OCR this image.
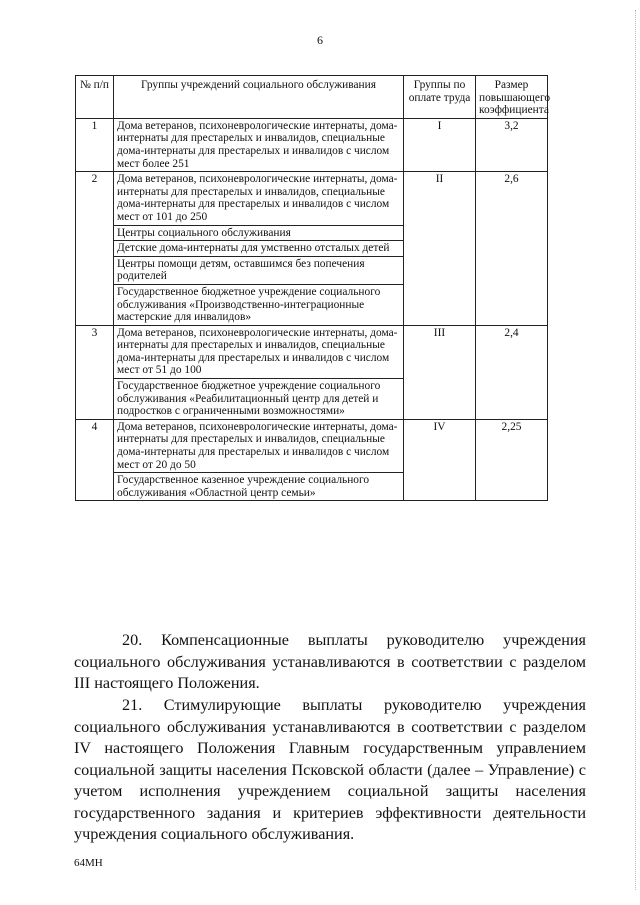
6
№ п/п	Группы учреждений социального обслуживания	Группы по оплате труда	Размер повышающего коэффициента
1	Дома ветеранов, психоневрологические интернаты, дома-интернаты для престарелых и инвалидов, специальные дома-интернаты для престарелых и инвалидов с числом мест более 251	I	3,2
2	Дома ветеранов, психоневрологические интернаты, дома-интернаты для престарелых и инвалидов, специальные дома-интернаты для престарелых и инвалидов с числом мест от 101 до 250	II	2,6
	Центры социального обслуживания		
	Детские дома-интернаты для умственно отсталых детей		
	Центры помощи детям, оставшимся без попечения родителей		
	Государственное бюджетное учреждение социального обслуживания «Производственно-интеграционные мастерские для инвалидов»		
3	Дома ветеранов, психоневрологические интернаты, дома-интернаты для престарелых и инвалидов, специальные дома-интернаты для престарелых и инвалидов с числом мест от 51 до 100	III	2,4
	Государственное бюджетное учреждение социального обслуживания «Реабилитационный центр для детей и подростков с ограниченными возможностями»		
4	Дома ветеранов, психоневрологические интернаты, дома-интернаты для престарелых и инвалидов, специальные дома-интернаты для престарелых и инвалидов с числом мест от 20 до 50	IV	2,25
	Государственное казенное учреждение социального обслуживания «Областной центр семьи»		
20. Компенсационные выплаты руководителю учреждения социального обслуживания устанавливаются в соответствии с разделом III настоящего Положения.
21. Стимулирующие выплаты руководителю учреждения социального обслуживания устанавливаются в соответствии с разделом IV настоящего Положения Главным государственным управлением социальной защиты населения Псковской области (далее – Управление) с учетом исполнения учреждением социальной защиты населения государственного задания и критериев эффективности деятельности учреждения социального обслуживания.
64МН
